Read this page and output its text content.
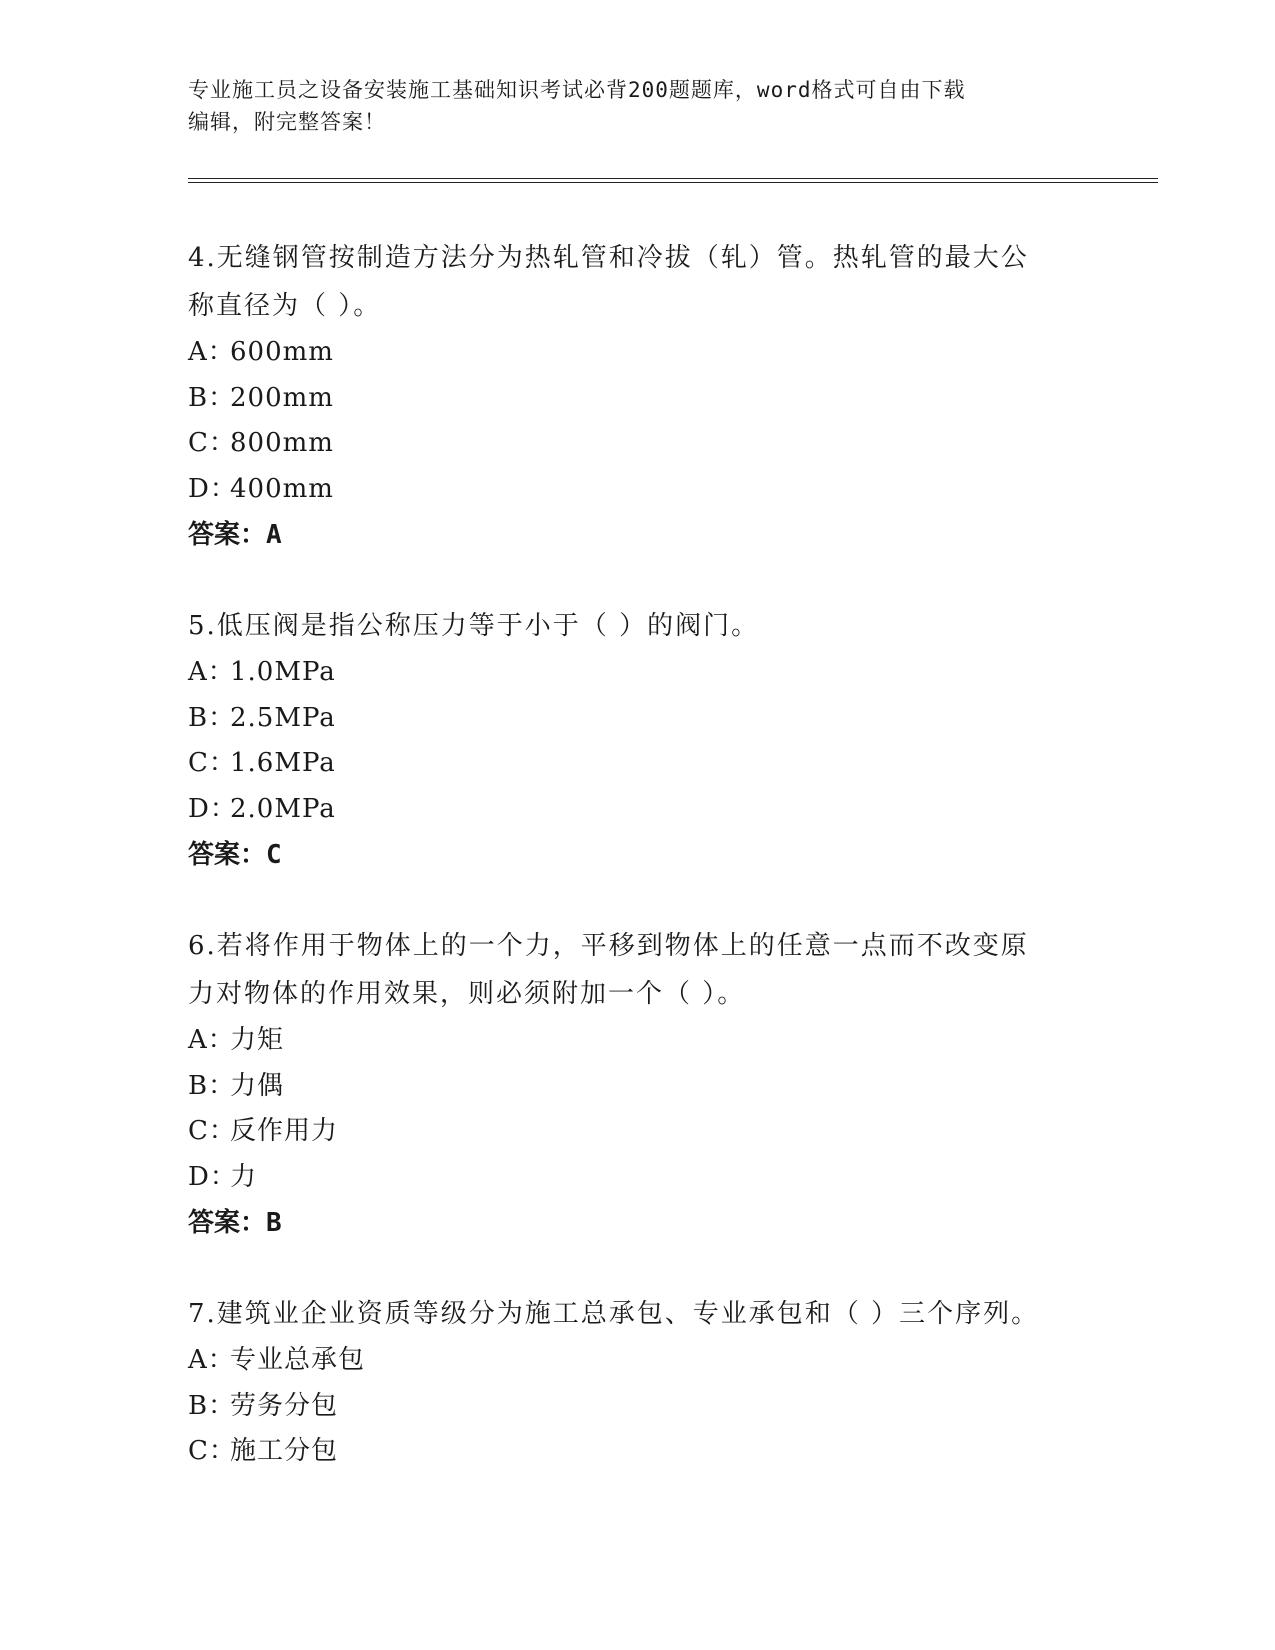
专业施工员之设备安装施工基础知识考试必背200题题库，word格式可自由下载

编辑，附完整答案！

4.无缝钢管按制造方法分为热轧管和冷拔（轧）管。热轧管的最大公

称直径为（ ）。

A：
600mm

B：
200mm

C：
800mm

D：
400mm

答案：A

5.低压阀是指公称压力等于小于（ ）的阀门。

A：
1.0MPa

B：
2.5MPa

C：
1.6MPa

D：
2.0MPa

答案：C

6.若将作用于物体上的一个力，平移到物体上的任意一点而不改变原

力对物体的作用效果，则必须附加一个（ ）。

A：
力矩

B：
力偶

C：
反作用力

D：
力

答案：B

7.建筑业企业资质等级分为施工总承包、专业承包和（ ）三个序列。

A：
专业总承包

B：
劳务分包

C：
施工分包
